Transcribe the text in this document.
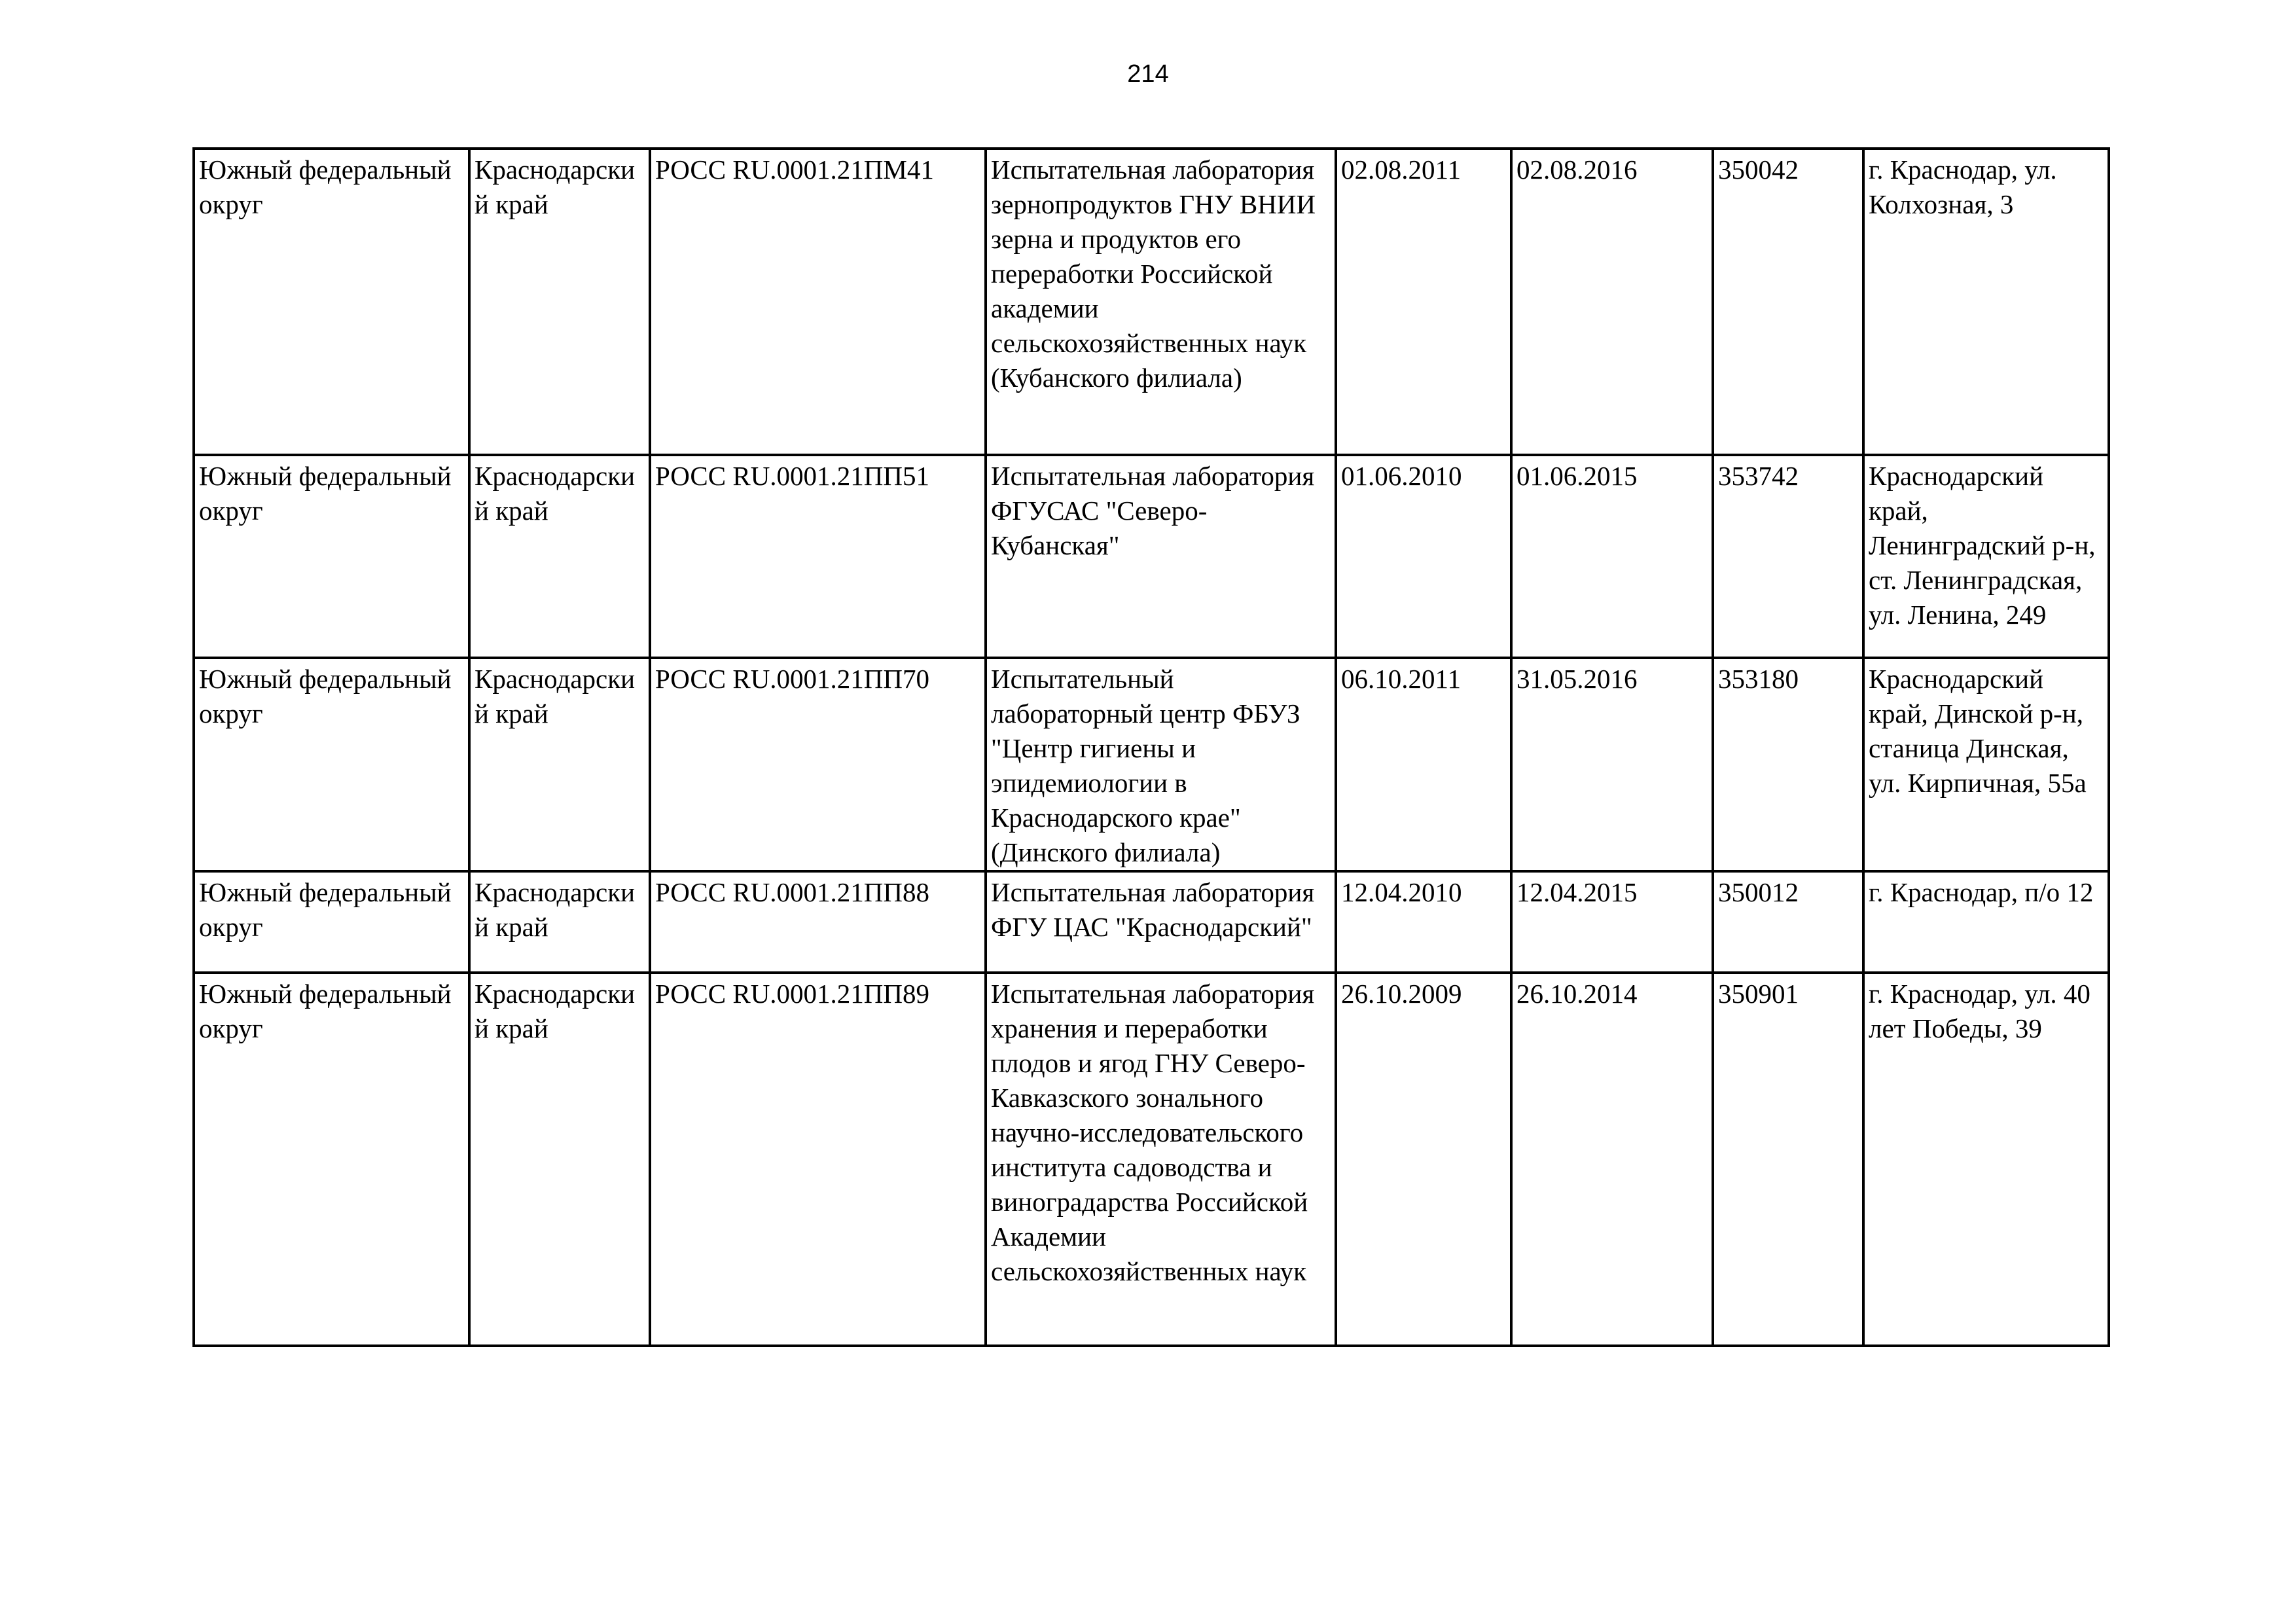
214
Южный федеральный округ	Краснодарски й край	РОСС RU.0001.21ПМ41	Испытательная лаборатория зернопродуктов ГНУ ВНИИ зерна и продуктов его переработки Российской академии сельскохозяйственных наук (Кубанского филиала)	02.08.2011	02.08.2016	350042	г. Краснодар, ул. Колхозная, 3
Южный федеральный округ	Краснодарски й край	РОСС RU.0001.21ПП51	Испытательная лаборатория ФГУСАС "Северо-Кубанская"	01.06.2010	01.06.2015	353742	Краснодарский край, Ленинградский р-н, ст. Ленинградская, ул. Ленина, 249
Южный федеральный округ	Краснодарски й край	РОСС RU.0001.21ПП70	Испытательный лабораторный центр ФБУЗ "Центр гигиены и эпидемиологии в Краснодарского крае" (Динского филиала)	06.10.2011	31.05.2016	353180	Краснодарский край, Динской р-н, станица Динская, ул. Кирпичная, 55а
Южный федеральный округ	Краснодарски й край	РОСС RU.0001.21ПП88	Испытательная лаборатория ФГУ ЦАС "Краснодарский"	12.04.2010	12.04.2015	350012	г. Краснодар, п/о 12
Южный федеральный округ	Краснодарски й край	РОСС RU.0001.21ПП89	Испытательная лаборатория хранения и переработки плодов и ягод ГНУ Северо-Кавказского зонального научно-исследовательского института садоводства и виноградарства Российской Академии сельскохозяйственных наук	26.10.2009	26.10.2014	350901	г. Краснодар, ул. 40 лет Победы, 39
